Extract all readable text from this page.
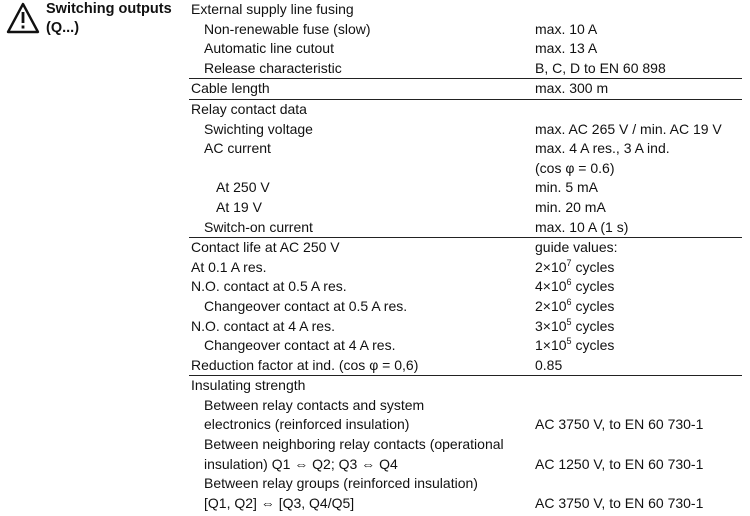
Switching outputs
(Q...)
External supply line fusing
Non-renewable fuse (slow)	max. 10 A
Automatic line cutout	max. 13 A
Release characteristic	B, C, D to EN 60 898
Cable length	max. 300 m
Relay contact data
Swichting voltage	max. AC 265 V / min. AC 19 V
AC current	max. 4 A res., 3 A ind.
(cos φ = 0.6)
At 250 V	min. 5 mA
At 19 V	min. 20 mA
Switch-on current	max. 10 A (1 s)
Contact life at AC 250 V	guide values:
At 0.1 A res.	$2\times 10^7$ cycles
N.O. contact at 0.5 A res.	$4\times 10^6$ cycles
Changeover contact at 0.5 A res.	$2\times 10^6$ cycles
N.O. contact at 4 A res.	$3\times 10^5$ cycles
Changeover contact at 4 A res.	$1\times 10^5$ cycles
Reduction factor at ind. (cos φ = 0,6)	0.85
Insulating strength
Between relay contacts and system
electronics (reinforced insulation)	AC 3750 V, to EN 60 730-1
Between neighboring relay contacts (operational
insulation) Q1 ⇔ Q2; Q3 ⇔ Q4	AC 1250 V, to EN 60 730-1
Between relay groups (reinforced insulation)
[Q1, Q2] ⇔ [Q3, Q4/Q5]	AC 3750 V, to EN 60 730-1
